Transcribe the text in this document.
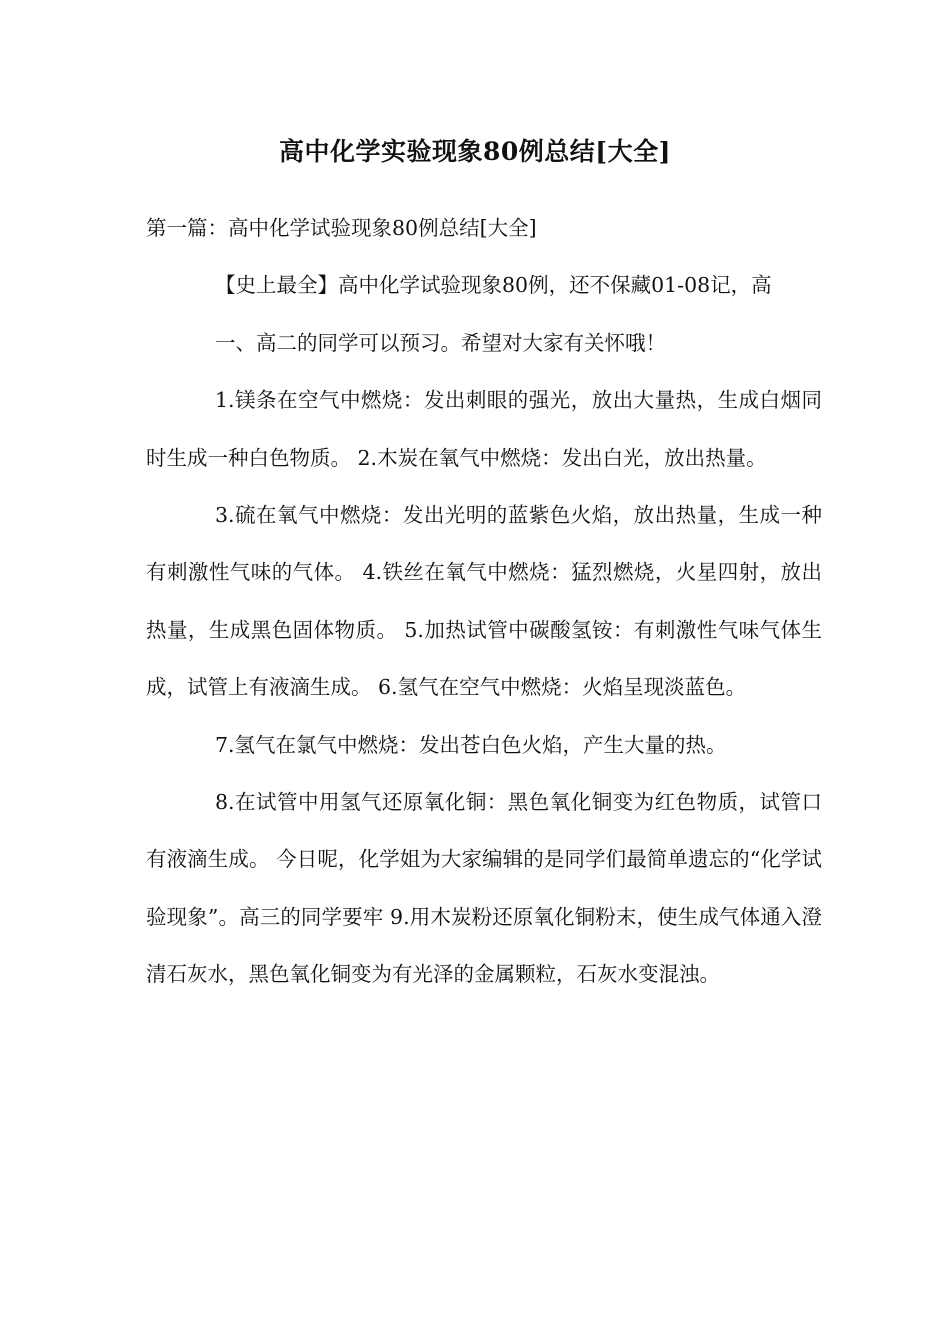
高中化学实验现象80例总结[大全]

第一篇：高中化学试验现象80例总结[大全]

【史上最全】高中化学试验现象80例，还不保藏01-08记，高

一、高二的同学可以预习。希望对大家有关怀哦！

1.镁条在空气中燃烧：发出刺眼的强光，放出大量热，生成白烟同时生成一种白色物质。 2.木炭在氧气中燃烧：发出白光，放出热量。

3.硫在氧气中燃烧：发出光明的蓝紫色火焰，放出热量，生成一种有刺激性气味的气体。 4.铁丝在氧气中燃烧：猛烈燃烧，火星四射，放出热量，生成黑色固体物质。 5.加热试管中碳酸氢铵：有刺激性气味气体生成，试管上有液滴生成。 6.氢气在空气中燃烧：火焰呈现淡蓝色。

7.氢气在氯气中燃烧：发出苍白色火焰，产生大量的热。

8.在试管中用氢气还原氧化铜：黑色氧化铜变为红色物质，试管口有液滴生成。 今日呢，化学姐为大家编辑的是同学们最简单遗忘的“化学试验现象”。高三的同学要牢 9.用木炭粉还原氧化铜粉末，使生成气体通入澄清石灰水，黑色氧化铜变为有光泽的金属颗粒，石灰水变混浊。
